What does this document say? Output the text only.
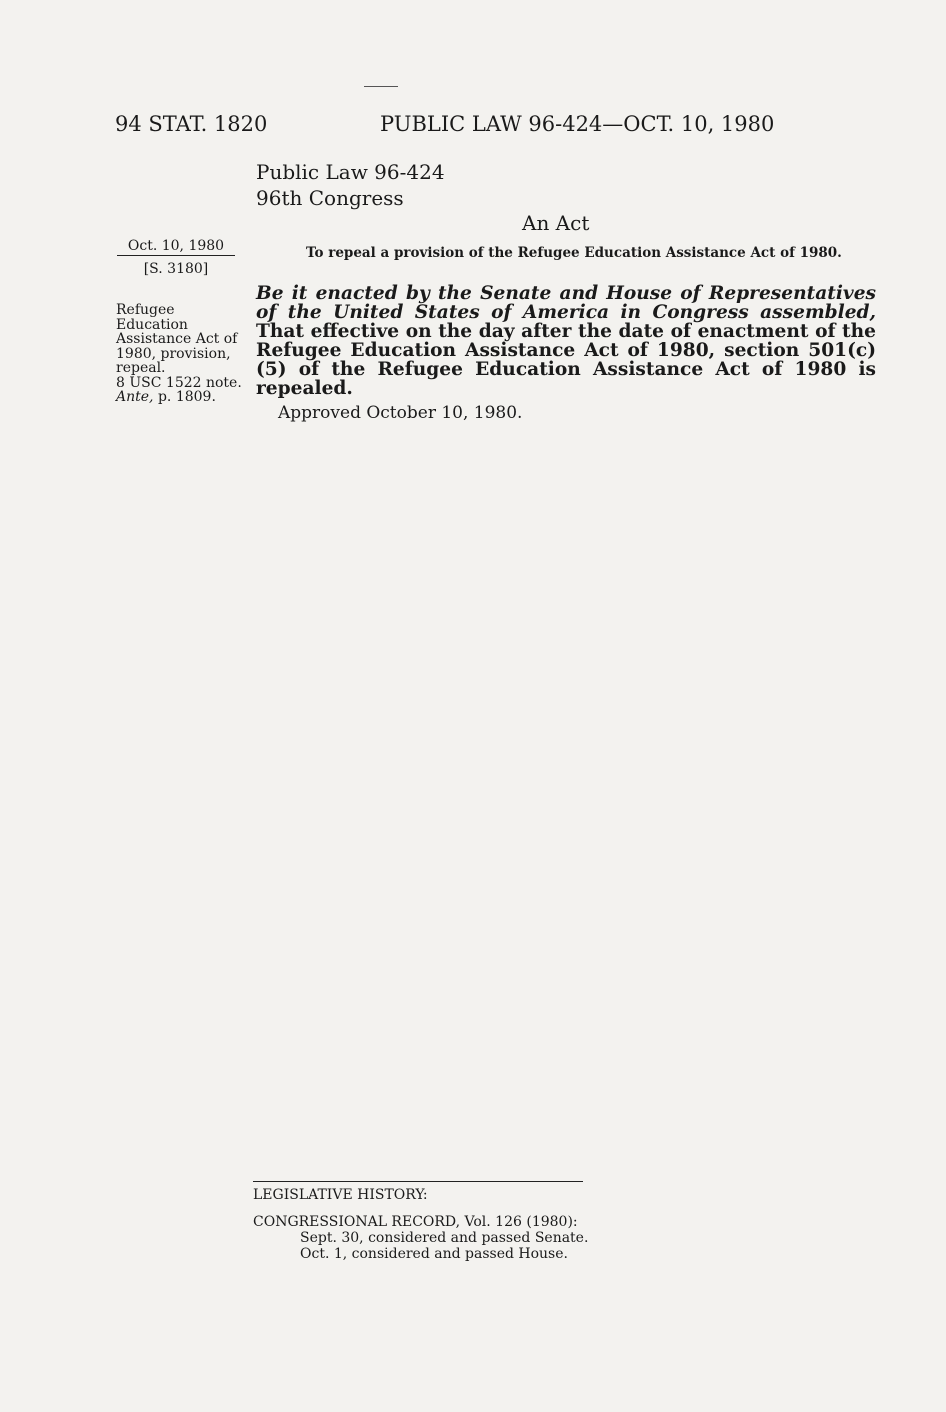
94 STAT. 1820	PUBLIC LAW 96-424—OCT. 10, 1980
Public Law 96-424
96th Congress
An Act
Oct. 10, 1980
[S. 3180]
To repeal a provision of the Refugee Education Assistance Act of 1980.
Be it enacted by the Senate and House of Representatives of the United States of America in Congress assembled, That effective on the day after the date of enactment of the Refugee Education Assistance Act of 1980, section 501(c)(5) of the Refugee Education Assistance Act of 1980 is repealed.
Refugee
Education
Assistance Act of
1980, provision,
repeal.
8 USC 1522 note.
Ante, p. 1809.
Approved October 10, 1980.
LEGISLATIVE HISTORY:
CONGRESSIONAL RECORD, Vol. 126 (1980):
Sept. 30, considered and passed Senate.
Oct. 1, considered and passed House.
